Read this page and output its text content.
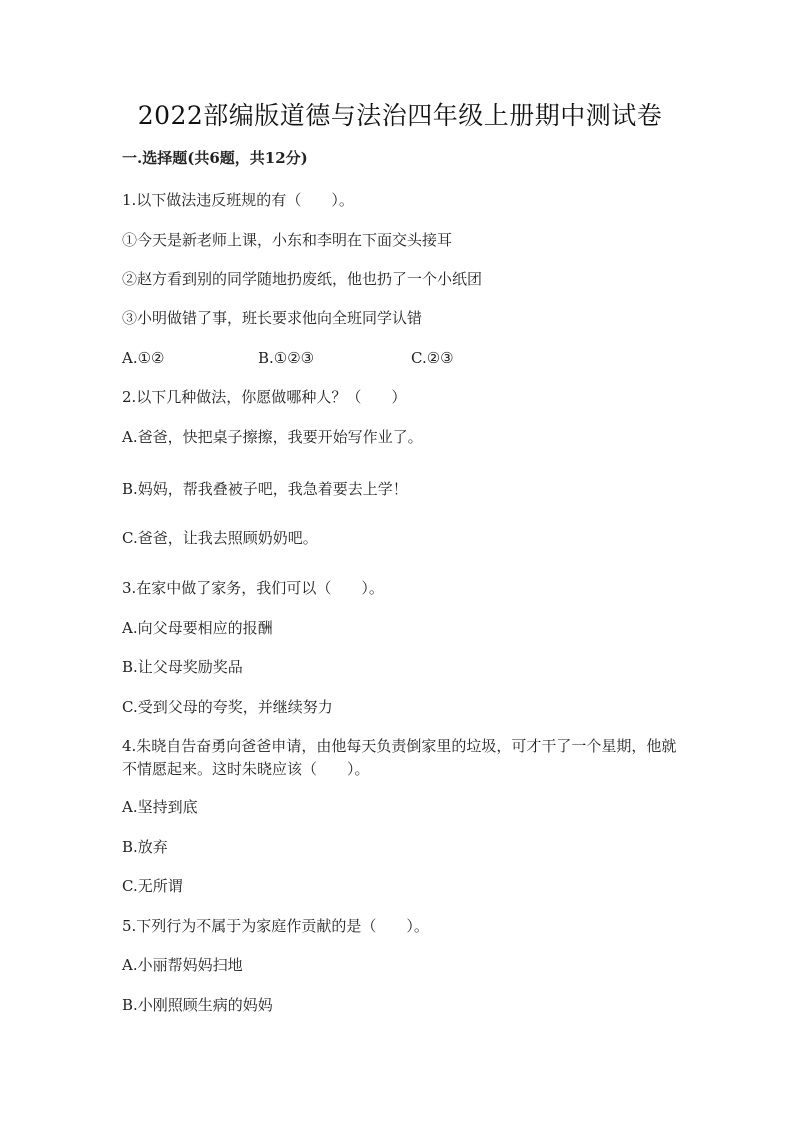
2022部编版道德与法治四年级上册期中测试卷
一.选择题(共6题，共12分)
1.以下做法违反班规的有（　　）。
①今天是新老师上课，小东和李明在下面交头接耳
②赵方看到别的同学随地扔废纸，他也扔了一个小纸团
③小明做错了事，班长要求他向全班同学认错
A.①②	B.①②③	C.②③
2.以下几种做法，你愿做哪种人？（　　）
A.爸爸，快把桌子擦擦，我要开始写作业了。
B.妈妈，帮我叠被子吧，我急着要去上学！
C.爸爸，让我去照顾奶奶吧。
3.在家中做了家务，我们可以（　　）。
A.向父母要相应的报酬
B.让父母奖励奖品
C.受到父母的夸奖，并继续努力
4.朱晓自告奋勇向爸爸申请，由他每天负责倒家里的垃圾，可才干了一个星期，他就不情愿起来。这时朱晓应该（　　）。
A.坚持到底
B.放弃
C.无所谓
5.下列行为不属于为家庭作贡献的是（　　）。
A.小丽帮妈妈扫地
B.小刚照顾生病的妈妈
